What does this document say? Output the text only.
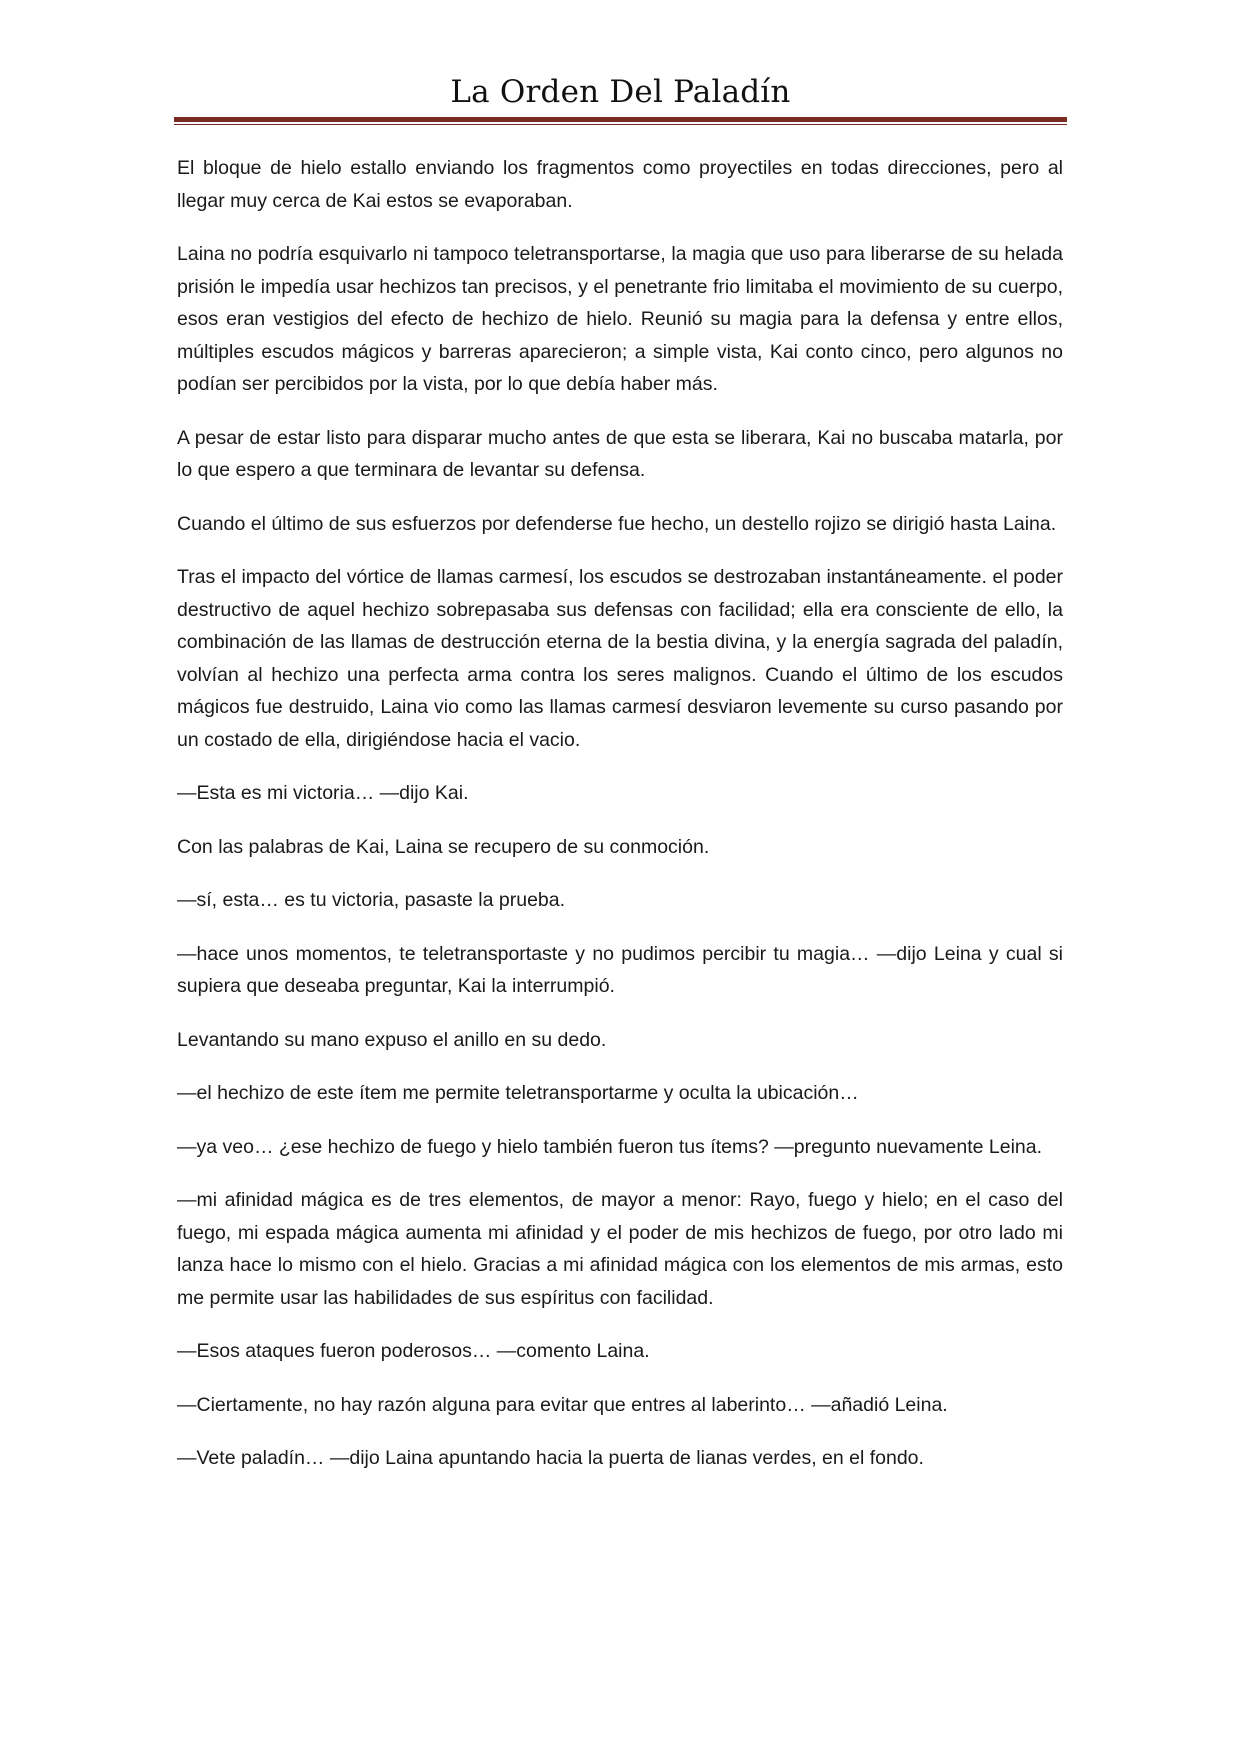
La Orden Del Paladín

El bloque de hielo estallo enviando los fragmentos como proyectiles en todas direcciones, pero al llegar muy cerca de Kai estos se evaporaban.

Laina no podría esquivarlo ni tampoco teletransportarse, la magia que uso para liberarse de su helada prisión le impedía usar hechizos tan precisos, y el penetrante frio limitaba el movimiento de su cuerpo, esos eran vestigios del efecto de hechizo de hielo. Reunió su magia para la defensa y entre ellos, múltiples escudos mágicos y barreras aparecieron; a simple vista, Kai conto cinco, pero algunos no podían ser percibidos por la vista, por lo que debía haber más.

A pesar de estar listo para disparar mucho antes de que esta se liberara, Kai no buscaba matarla, por lo que espero a que terminara de levantar su defensa.

Cuando el último de sus esfuerzos por defenderse fue hecho, un destello rojizo se dirigió hasta Laina.

Tras el impacto del vórtice de llamas carmesí, los escudos se destrozaban instantáneamente. el poder destructivo de aquel hechizo sobrepasaba sus defensas con facilidad; ella era consciente de ello, la combinación de las llamas de destrucción eterna de la bestia divina, y la energía sagrada del paladín, volvían al hechizo una perfecta arma contra los seres malignos. Cuando el último de los escudos mágicos fue destruido, Laina vio como las llamas carmesí desviaron levemente su curso pasando por un costado de ella, dirigiéndose hacia el vacio.

—Esta es mi victoria… —dijo Kai.

Con las palabras de Kai, Laina se recupero de su conmoción.

—sí, esta… es tu victoria, pasaste la prueba.

—hace unos momentos, te teletransportaste y no pudimos percibir tu magia… —dijo Leina y cual si supiera que deseaba preguntar, Kai la interrumpió.

Levantando su mano expuso el anillo en su dedo.

—el hechizo de este ítem me permite teletransportarme y oculta la ubicación…

—ya veo… ¿ese hechizo de fuego y hielo también fueron tus ítems? —pregunto nuevamente Leina.

—mi afinidad mágica es de tres elementos, de mayor a menor: Rayo, fuego y hielo; en el caso del fuego, mi espada mágica aumenta mi afinidad y el poder de mis hechizos de fuego, por otro lado mi lanza hace lo mismo con el hielo. Gracias a mi afinidad mágica con los elementos de mis armas, esto me permite usar las habilidades de sus espíritus con facilidad.

—Esos ataques fueron poderosos… —comento Laina.

—Ciertamente, no hay razón alguna para evitar que entres al laberinto… —añadió Leina.

—Vete paladín… —dijo Laina apuntando hacia la puerta de lianas verdes, en el fondo.
